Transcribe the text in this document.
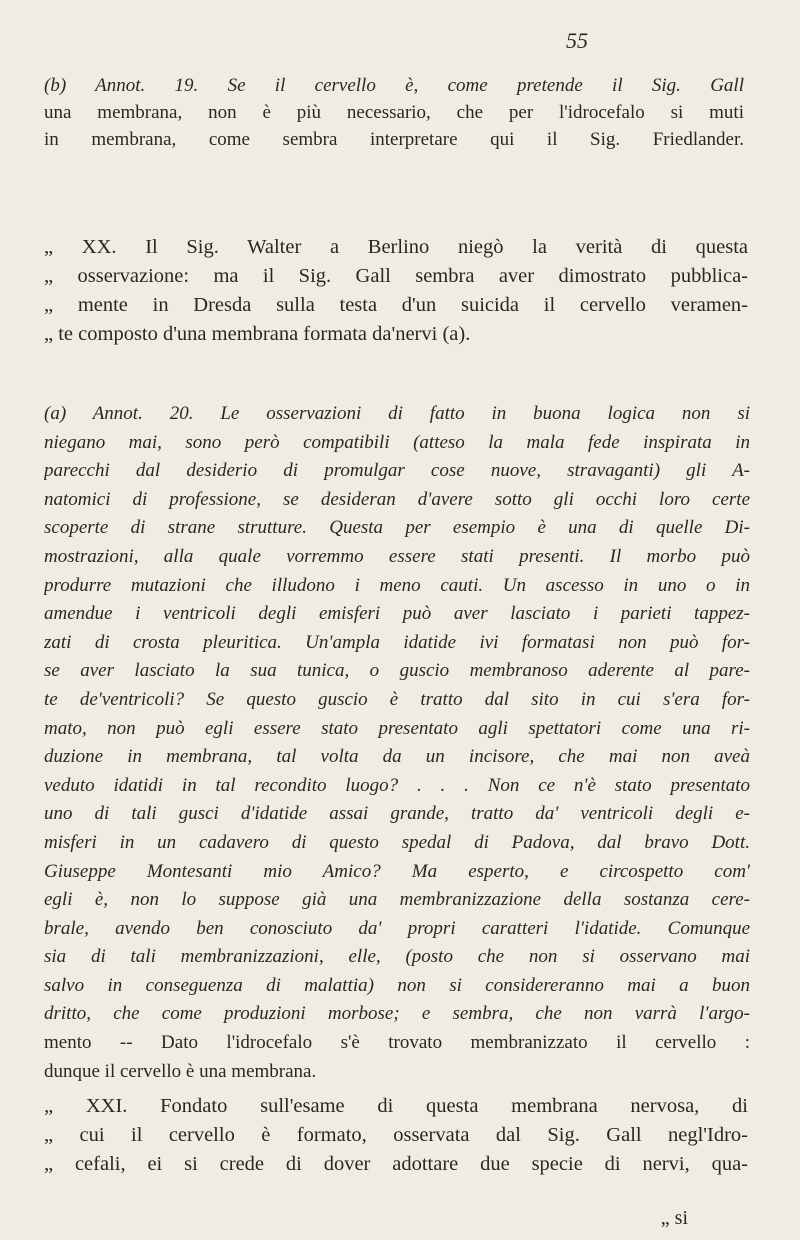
55
(b) Annot. 19. Se il cervello è, come pretende il Sig. Gall
una membrana, non è più necessario, che per l'idrocefalo si muti
in membrana, come sembra interpretare qui il Sig. Friedlander.
„ XX. Il Sig. Walter a Berlino niegò la verità di questa
„ osservazione: ma il Sig. Gall sembra aver dimostrato pubblica-
„ mente in Dresda sulla testa d'un suicida il cervello veramen-
„ te composto d'una membrana formata da'nervi (a).
(a) Annot. 20. Le osservazioni di fatto in buona logica non si
niegano mai, sono però compatibili (atteso la mala fede inspirata in
parecchi dal desiderio di promulgar cose nuove, stravaganti) gli A-
natomici di professione, se desideran d'avere sotto gli occhi loro certe
scoperte di strane strutture. Questa per esempio è una di quelle Di-
mostrazioni, alla quale vorremmo essere stati presenti. Il morbo può
produrre mutazioni che illudono i meno cauti. Un ascesso in uno o in
amendue i ventricoli degli emisferi può aver lasciato i parieti tappez-
zati di crosta pleuritica. Un'ampla idatide ivi formatasi non può for-
se aver lasciato la sua tunica, o guscio membranoso aderente al pare-
te de'ventricoli? Se questo guscio è tratto dal sito in cui s'era for-
mato, non può egli essere stato presentato agli spettatori come una ri-
duzione in membrana, tal volta da un incisore, che mai non aveà
veduto idatidi in tal recondito luogo? . . . Non ce n'è stato presentato
uno di tali gusci d'idatide assai grande, tratto da' ventricoli degli e-
misferi in un cadavero di questo spedal di Padova, dal bravo Dott.
Giuseppe Montesanti mio Amico? Ma esperto, e circospetto com'
egli è, non lo suppose già una membranizzazione della sostanza cere-
brale, avendo ben conosciuto da' propri caratteri l'idatide. Comunque
sia di tali membranizzazioni, elle, (posto che non si osservano mai
salvo in conseguenza di malattia) non si considereranno mai a buon
dritto, che come produzioni morbose; e sembra, che non varrà l'argo-
mento -- Dato l'idrocefalo s'è trovato membranizzato il cervello :
dunque il cervello è una membrana.
„ XXI. Fondato sull'esame di questa membrana nervosa, di
„ cui il cervello è formato, osservata dal Sig. Gall negl'Idro-
„ cefali, ei si crede di dover adottare due specie di nervi, qua-
„ si
